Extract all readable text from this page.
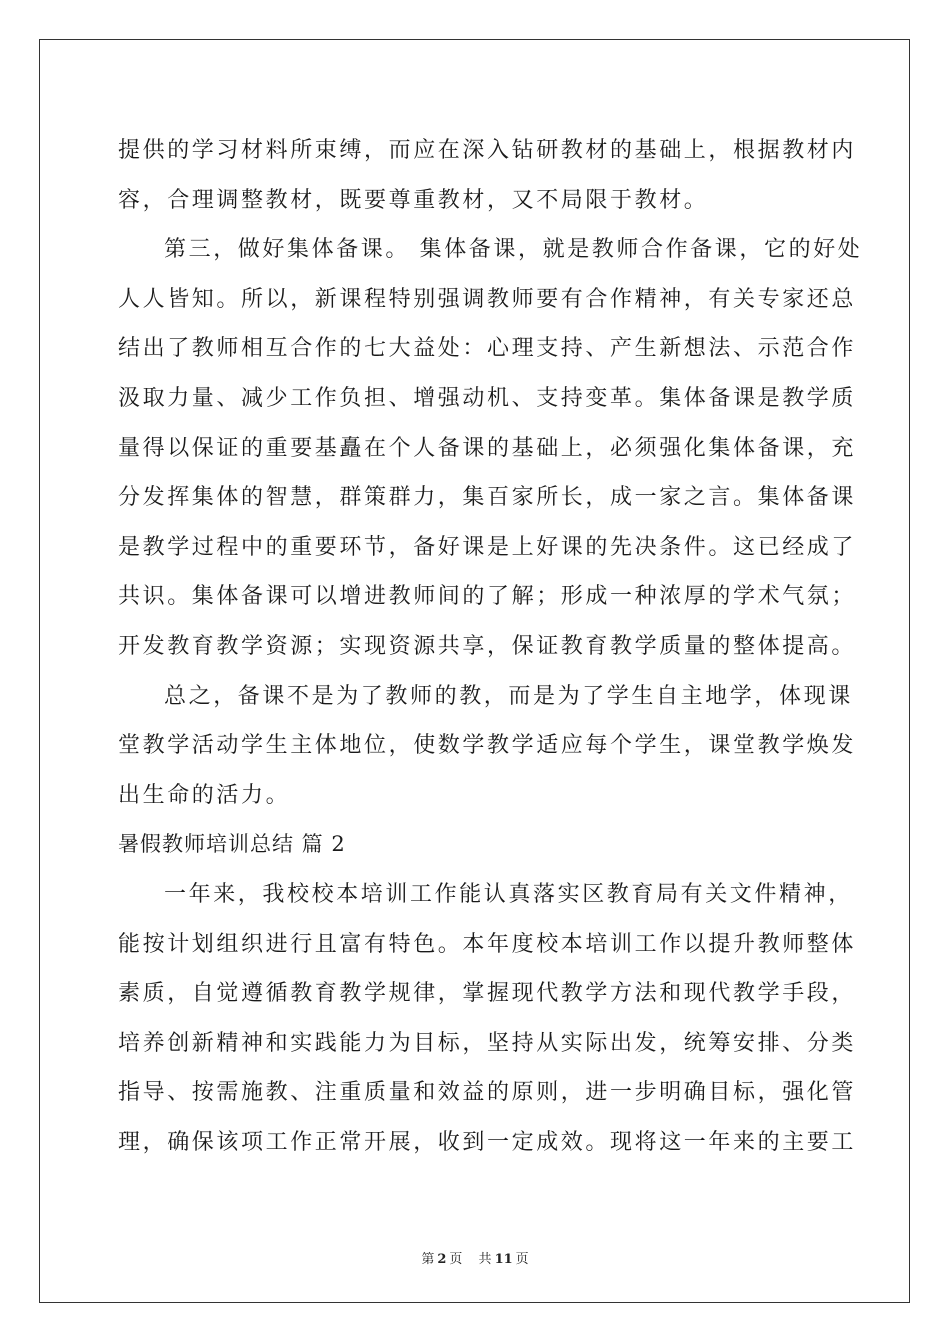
提供的学习材料所束缚，而应在深入钻研教材的基础上，根据教材内
容，合理调整教材，既要尊重教材，又不局限于教材。
第三，做好集体备课。 集体备课，就是教师合作备课，它的好处
人人皆知。所以，新课程特别强调教师要有合作精神，有关专家还总
结出了教师相互合作的七大益处：心理支持、产生新想法、示范合作
汲取力量、减少工作负担、增强动机、支持变革。集体备课是教学质
量得以保证的重要基矗在个人备课的基础上，必须强化集体备课，充
分发挥集体的智慧，群策群力，集百家所长，成一家之言。集体备课
是教学过程中的重要环节，备好课是上好课的先决条件。这已经成了
共识。集体备课可以增进教师间的了解；形成一种浓厚的学术气氛；
开发教育教学资源；实现资源共享，保证教育教学质量的整体提高。
总之，备课不是为了教师的教，而是为了学生自主地学，体现课
堂教学活动学生主体地位，使数学教学适应每个学生，课堂教学焕发
出生命的活力。
暑假教师培训总结 篇 2
一年来，我校校本培训工作能认真落实区教育局有关文件精神，
能按计划组织进行且富有特色。本年度校本培训工作以提升教师整体
素质，自觉遵循教育教学规律，掌握现代教学方法和现代教学手段，
培养创新精神和实践能力为目标，坚持从实际出发，统筹安排、分类
指导、按需施教、注重质量和效益的原则，进一步明确目标，强化管
理，确保该项工作正常开展，收到一定成效。现将这一年来的主要工
第 2 页 共 11 页
